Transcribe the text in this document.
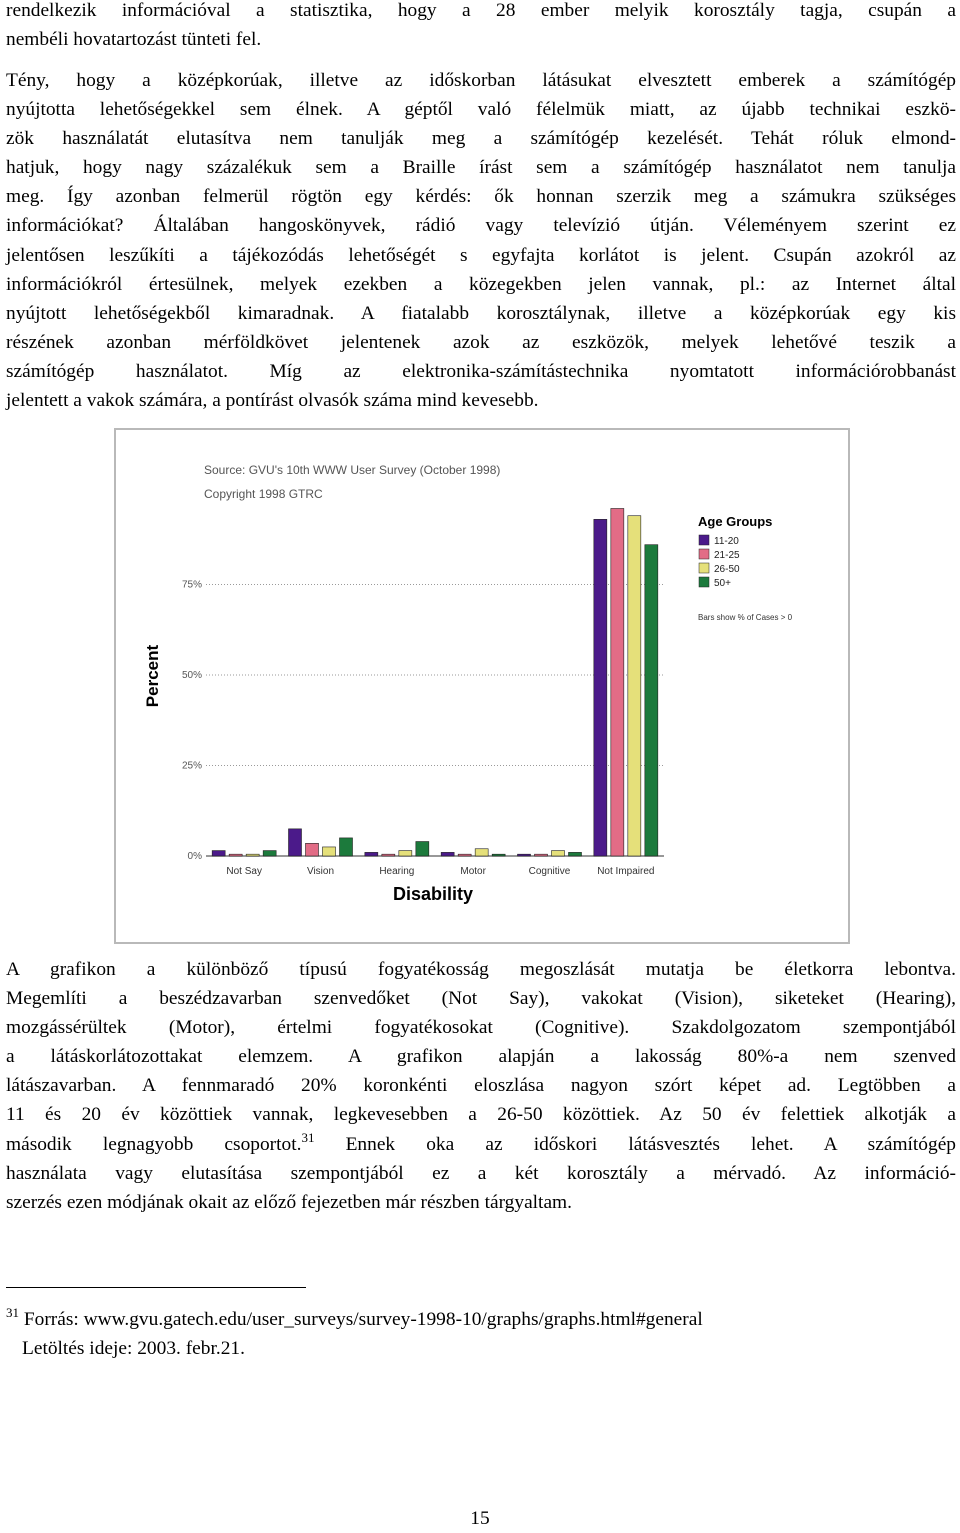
rendelkezik információval a statisztika, hogy a 28 ember melyik korosztály tagja, csupán a
nembéli hovatartozást tünteti fel.
Tény, hogy a középkorúak, illetve az időskorban látásukat elvesztett emberek a számítógép
nyújtotta lehetőségekkel sem élnek. A géptől való félelmük miatt, az újabb technikai eszkö-
zök használatát elutasítva nem tanulják meg a számítógép kezelését. Tehát róluk elmond-
hatjuk, hogy nagy százalékuk sem a Braille írást sem a számítógép használatot nem tanulja
meg. Így azonban felmerül rögtön egy kérdés: ők honnan szerzik meg a számukra szükséges
információkat? Általában hangoskönyvek, rádió vagy televízió útján. Véleményem szerint ez
jelentősen leszűkíti a tájékozódás lehetőségét s egyfajta korlátot is jelent. Csupán azokról az
információkról értesülnek, melyek ezekben a közegekben jelen vannak, pl.: az Internet által
nyújtott lehetőségekből kimaradnak. A fiatalabb korosztálynak, illetve a középkorúak egy kis
részének azonban mérföldkövet jelentenek azok az eszközök, melyek lehetővé teszik a
számítógép használatot. Míg az elektronika-számítástechnika nyomtatott információrobbanást
jelentett a vakok számára, a pontírást olvasók száma mind kevesebb.
Source: GVU's 10th WWW User Survey (October 1998)
Copyright 1998 GTRC
Percent
Disability
0%
25%
50%
75%
Not Say	Vision	Hearing	Motor	Cognitive	Not Impaired
Age Groups
11-20
21-25
26-50
50+
Bars show % of Cases > 0
A grafikon a különböző típusú fogyatékosság megoszlását mutatja be életkorra lebontva.
Megemlíti a beszédzavarban szenvedőket (Not Say), vakokat (Vision), siketeket (Hearing),
mozgássérültek (Motor), értelmi fogyatékosokat (Cognitive). Szakdolgozatom szempontjából
a látáskorlátozottakat elemzem. A grafikon alapján a lakosság 80%-a nem szenved
látászavarban. A fennmaradó 20% koronkénti eloszlása nagyon szórt képet ad. Legtöbben a
11 és 20 év közöttiek vannak, legkevesebben a 26-50 közöttiek. Az 50 év felettiek alkotják a
második legnagyobb csoportot.$^{31}$ Ennek oka az időskori látásvesztés lehet. A számítógép
használata vagy elutasítása szempontjából ez a két korosztály a mérvadó. Az információ-
szerzés ezen módjának okait az előző fejezetben már részben tárgyaltam.
$^{31}$ Forrás: www.gvu.gatech.edu/user_surveys/survey-1998-10/graphs/graphs.html#general
Letöltés ideje: 2003. febr.21.
15
